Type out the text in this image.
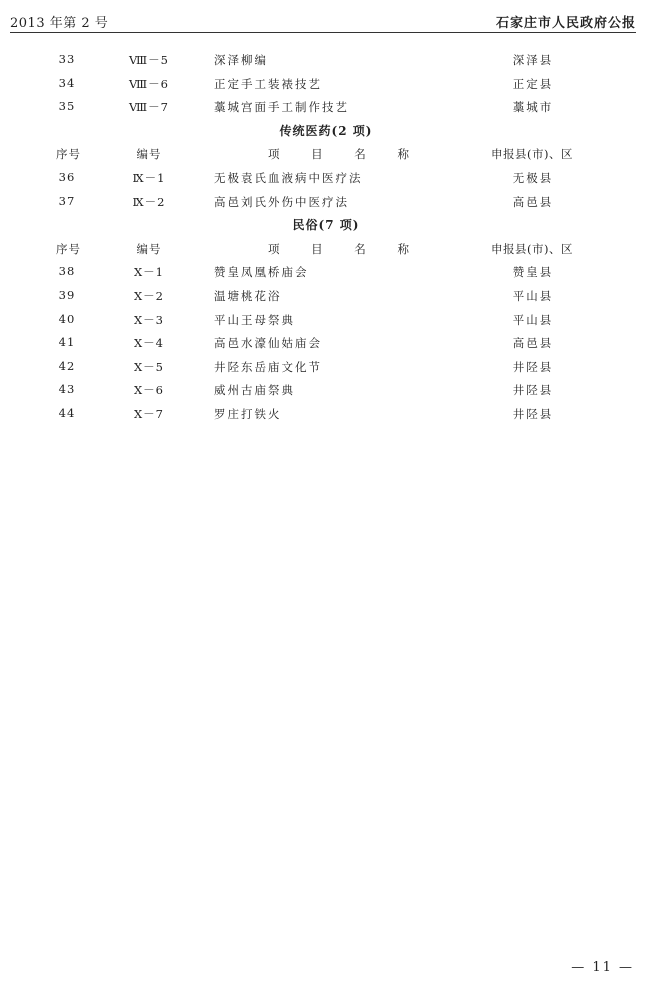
2013 年第 2 号	石家庄市人民政府公报
33	Ⅷ－5	深泽柳编	深泽县
34	Ⅷ－6	正定手工装裱技艺	正定县
35	Ⅷ－7	藁城宫面手工制作技艺	藁城市
传统医药(2 项)
序号	编号	项 目 名 称	申报县(市)、区
36	Ⅸ－1	无极袁氏血液病中医疗法	无极县
37	Ⅸ－2	高邑刘氏外伤中医疗法	高邑县
民俗(7 项)
序号	编号	项 目 名 称	申报县(市)、区
38	Ⅹ－1	赞皇凤凰桥庙会	赞皇县
39	Ⅹ－2	温塘桃花浴	平山县
40	Ⅹ－3	平山王母祭典	平山县
41	Ⅹ－4	高邑水濠仙姑庙会	高邑县
42	Ⅹ－5	井陉东岳庙文化节	井陉县
43	Ⅹ－6	威州古庙祭典	井陉县
44	Ⅹ－7	罗庄打铁火	井陉县
— 11 —
